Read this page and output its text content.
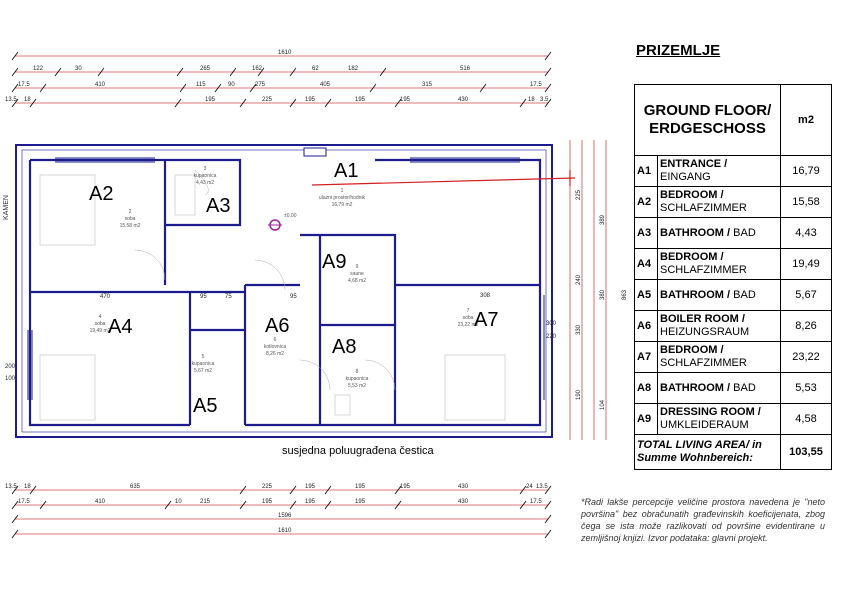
1610
122	30	265	162	62	182	516
17.5	410	115	90	275	405	315	17.5
13.5 18	195	225	195	195	195	430	18 3.5
13.5 18	635	225	195	195	195	430	24 13.5
17.5	410	10	215	195	195	195	430	17.5
1596
1610
225
389
240
380	863
330
190
104
±0.00
1
ulazni prostor/hodnik
16,79 m2
2
soba
15,58 m2
3
kupaonica
4,43 m2
4
soba
19,49 m2
5
kupaonica
5,67 m2
6
kotlovnica
8,26 m2
7
soba
23,22 m2
8
kupaonica
5,53 m2
9
saune
4,68 m2
470	95	75	95	308
300
220
200
100
A1
A2
A3
A4
A5
A6	A7
A8
A9
susjedna poluugrađena čestica
KAMEN
PRIZEMLJE
GROUND FLOOR/ ERDGESCHOSS		m2
A1	ENTRANCE /
EINGANG	16,79
A2	BEDROOM /
SCHLAFZIMMER	15,58
A3	BATHROOM / BAD	4,43
A4	BEDROOM /
SCHLAFZIMMER	19,49
A5	BATHROOM / BAD	5,67
A6	BOILER ROOM /
HEIZUNGSRAUM	8,26
A7	BEDROOM /
SCHLAFZIMMER	23,22
A8	BATHROOM / BAD	5,53
A9	DRESSING ROOM /
UMKLEIDERAUM	4,58
TOTAL LIVING AREA/ in Summe Wohnbereich:		103,55
*Radi lakše percepcije veličine prostora navedena je "neto površina" bez obračunatih građevinskih koeficijenata, zbog čega se ista može razlikovati od površine evidentirane u zemljišnoj knjizi. Izvor podataka: glavni projekt.
